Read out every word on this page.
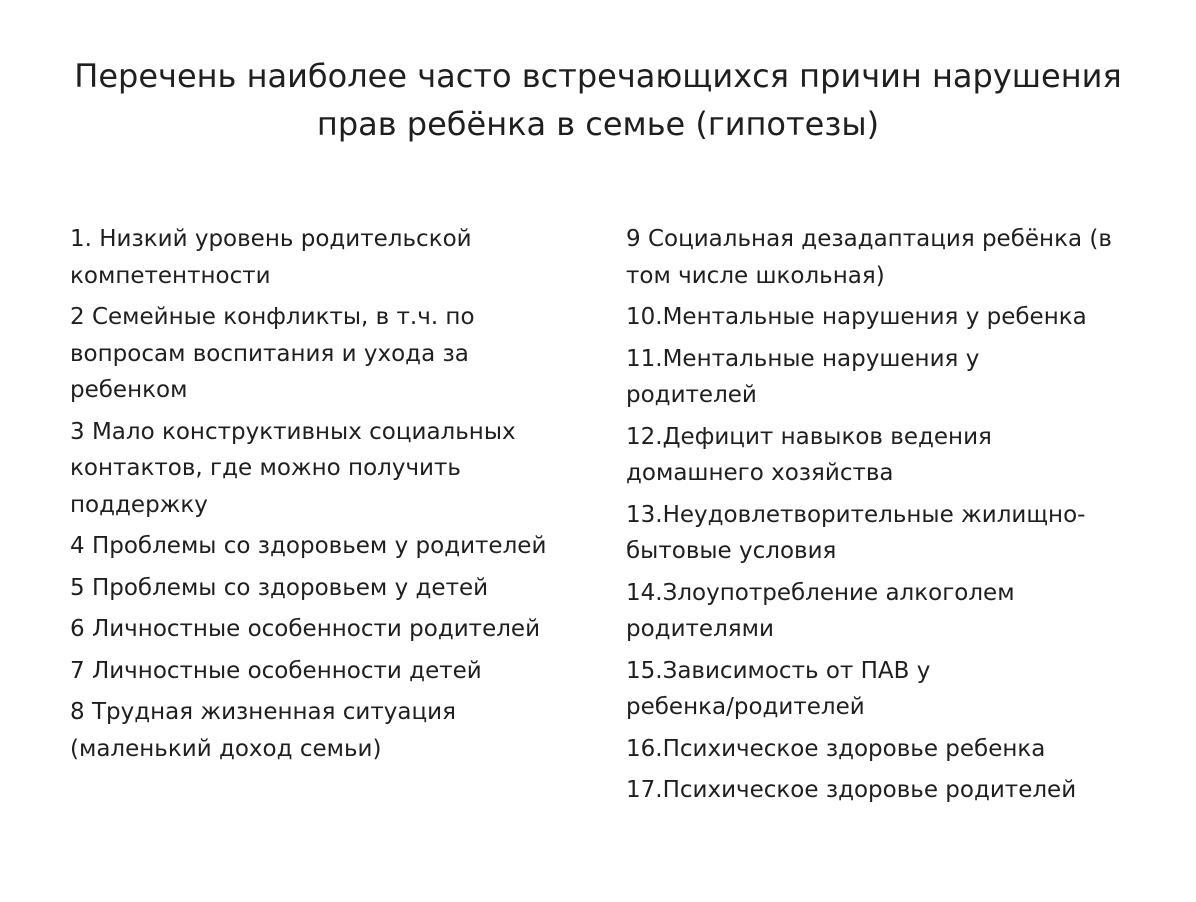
Перечень наиболее часто встречающихся причин нарушения
прав ребёнка в семье (гипотезы)
1. Низкий уровень родительской
компетентности
2 Семейные конфликты, в т.ч. по
вопросам воспитания и ухода за
ребенком
3 Мало конструктивных социальных
контактов, где можно получить
поддержку
4 Проблемы со здоровьем у родителей
5 Проблемы со здоровьем у детей
6 Личностные особенности родителей
7 Личностные особенности детей
8 Трудная жизненная ситуация
(маленький доход семьи)
9 Социальная дезадаптация ребёнка (в
том числе школьная)
10.Ментальные нарушения у ребенка
11.Ментальные нарушения у
родителей
12.Дефицит навыков ведения
домашнего хозяйства
13.Неудовлетворительные жилищно-
бытовые условия
14.Злоупотребление алкоголем
родителями
15.Зависимость от ПАВ у
ребенка/родителей
16.Психическое здоровье ребенка
17.Психическое здоровье родителей
